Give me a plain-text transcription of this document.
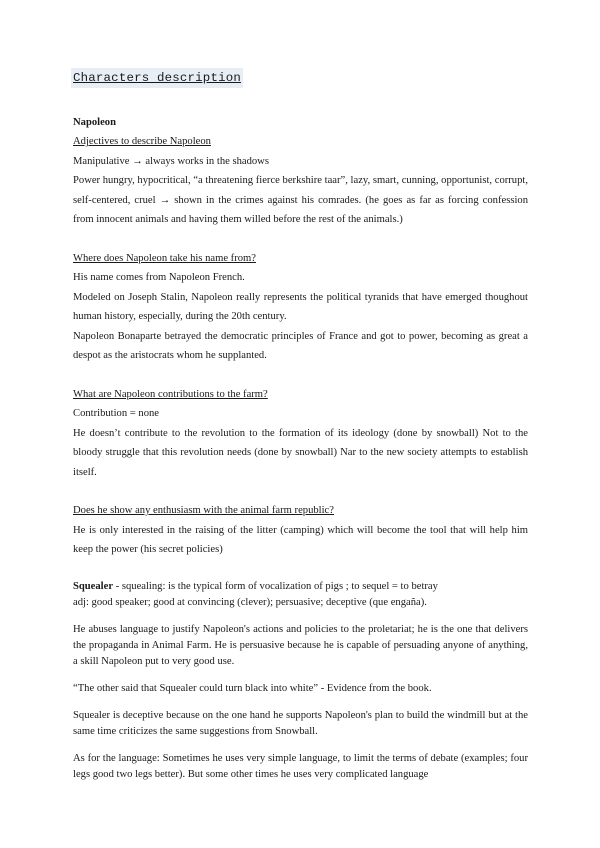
Characters description
Napoleon
Adjectives to describe Napoleon

Manipulative → always works in the shadows

Power hungry, hypocritical, “a threatening fierce berkshire taar”, lazy, smart, cunning, opportunist, corrupt, self-centered, cruel → shown in the crimes against his comrades. (he goes as far as forcing confession from innocent animals and having them willed before the rest of the animals.)

Where does Napoleon take his name from?

His name comes from Napoleon French.

Modeled on Joseph Stalin, Napoleon really represents the political tyranids that have emerged thoughout human history, especially, during the 20th century.

Napoleon Bonaparte betrayed the democratic principles of France and got to power, becoming as great a despot as the aristocrats whom he supplanted.

What are Napoleon contributions to the farm?

Contribution = none

He doesn’t contribute to the revolution to the formation of its ideology (done by snowball) Not to the bloody struggle that this revolution needs (done by snowball) Nar to the new society attempts to establish itself.

Does he show any enthusiasm with the animal farm republic?

He is only interested in the raising of the litter (camping) which will become the tool that will help him keep the power (his secret policies)

Squealer - squealing: is the typical form of vocalization of pigs ; to sequel = to betray

adj: good speaker; good at convincing (clever); persuasive; deceptive (que engaña).

He abuses language to justify Napoleon's actions and policies to the proletariat; he is the one that delivers the propaganda in Animal Farm. He is persuasive because he is capable of persuading anyone of anything, a skill Napoleon put to very good use.

“The other said that Squealer could turn black into white” - Evidence from the book.

Squealer is deceptive because on the one hand he supports Napoleon's plan to build the windmill but at the same time criticizes the same suggestions from Snowball.

As for the language: Sometimes he uses very simple language, to limit the terms of debate (examples; four legs good two legs better). But some other times he uses very complicated language
